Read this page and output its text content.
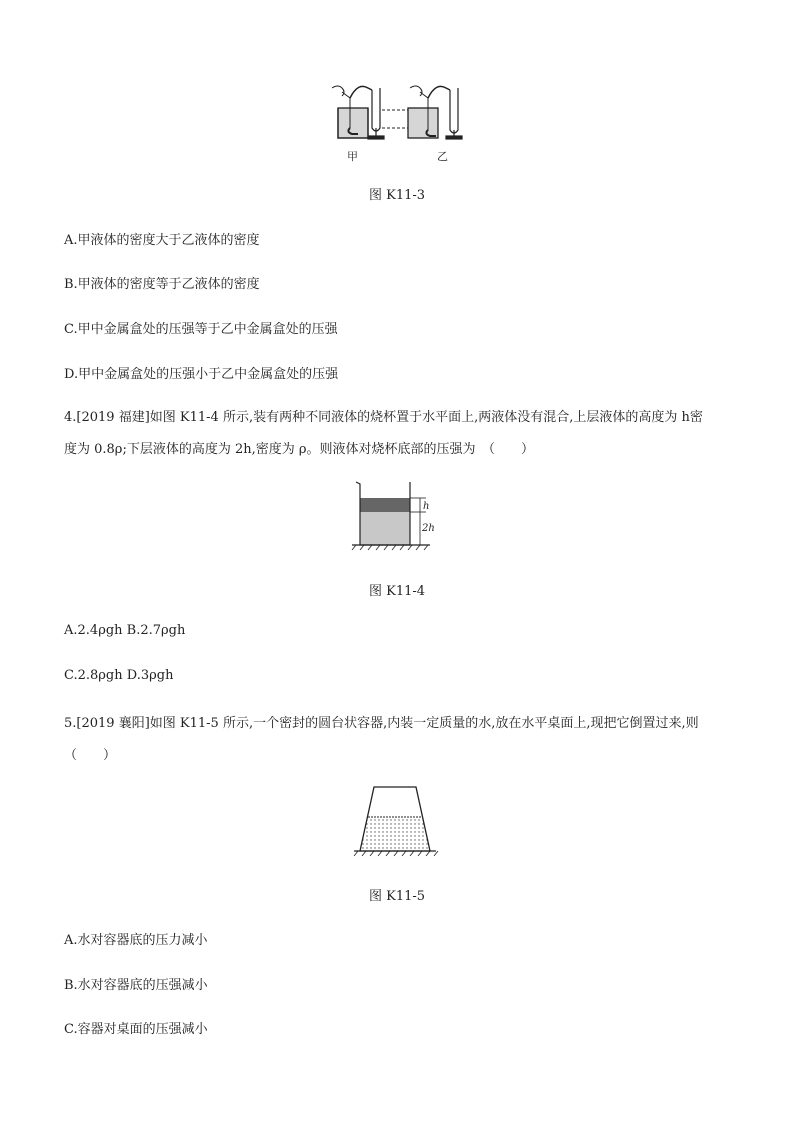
甲	乙
图 K11-3
A.甲液体的密度大于乙液体的密度
B.甲液体的密度等于乙液体的密度
C.甲中金属盒处的压强等于乙中金属盒处的压强
D.甲中金属盒处的压强小于乙中金属盒处的压强
4.[2019 福建]如图 K11-4 所示,装有两种不同液体的烧杯置于水平面上,两液体没有混合,上层液体的高度为 h密
度为 0.8ρ;下层液体的高度为 2h,密度为 ρ。则液体对烧杯底部的压强为　（　　）
h
2h
图 K11-4
A.2.4ρgh B.2.7ρgh
C.2.8ρgh D.3ρgh
5.[2019 襄阳]如图 K11-5 所示,一个密封的圆台状容器,内装一定质量的水,放在水平桌面上,现把它倒置过来,则
（　　）
图 K11-5
A.水对容器底的压力减小
B.水对容器底的压强减小
C.容器对桌面的压强减小
